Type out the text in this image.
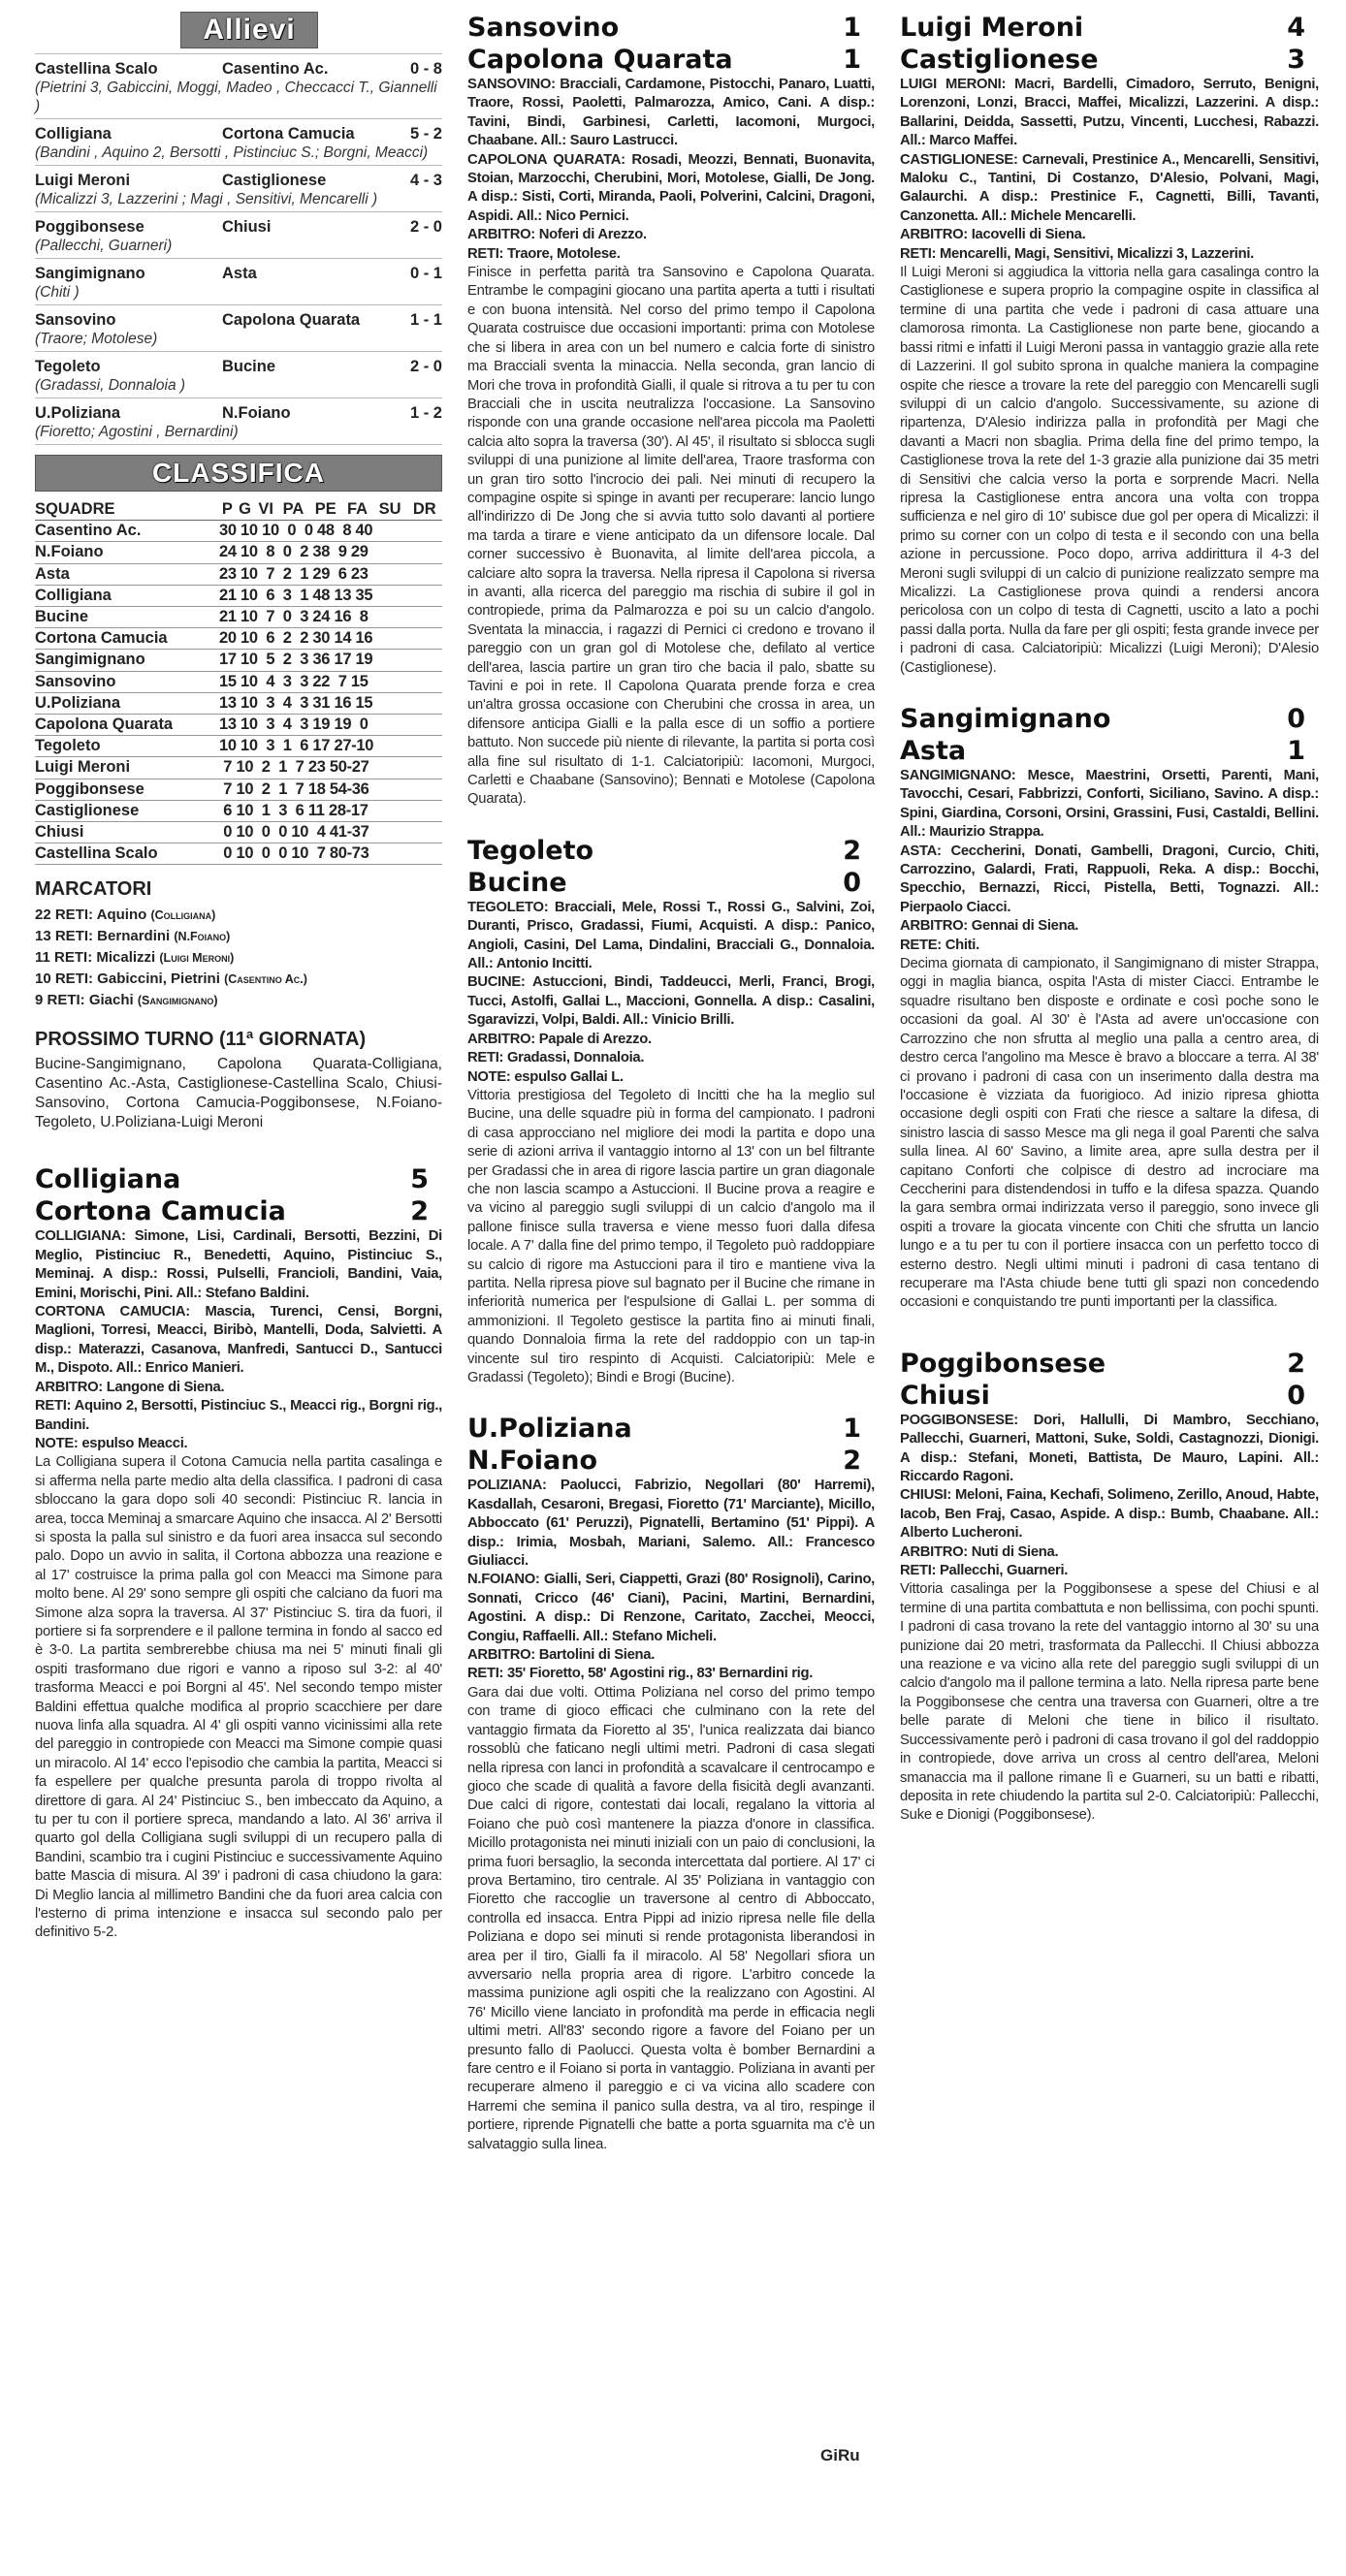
Allievi
Castellina Scalo	Casentino Ac.	0 - 8
(Pietrini 3, Gabiccini, Moggi, Madeo , Checcacci T., Giannelli )
Colligiana	Cortona Camucia	5 - 2
(Bandini , Aquino 2, Bersotti , Pistinciuc S.; Borgni, Meacci)
Luigi Meroni	Castiglionese	4 - 3
(Micalizzi 3, Lazzerini ; Magi , Sensitivi, Mencarelli )
Poggibonsese	Chiusi	2 - 0
(Pallecchi, Guarneri)
Sangimignano	Asta	0 - 1
(Chiti )
Sansovino	Capolona Quarata	1 - 1
(Traore; Motolese)
Tegoleto	Bucine	2 - 0
(Gradassi, Donnaloia )
U.Poliziana	N.Foiano	1 - 2
(Fioretto; Agostini , Bernardini)
CLASSIFICA
SQUADRE	P	G	VI	PA	PE	FA	SU	DR
Casentino Ac.	30 10 10  0  0 48  8 40							
N.Foiano	24 10  8  0  2 38  9 29							
Asta	23 10  7  2  1 29  6 23							
Colligiana	21 10  6  3  1 48 13 35							
Bucine	21 10  7  0  3 24 16  8							
Cortona Camucia	20 10  6  2  2 30 14 16							
Sangimignano	17 10  5  2  3 36 17 19							
Sansovino	15 10  4  3  3 22  7 15							
U.Poliziana	13 10  3  4  3 31 16 15							
Capolona Quarata	13 10  3  4  3 19 19  0							
Tegoleto	10 10  3  1  6 17 27-10							
Luigi Meroni	7 10  2  1  7 23 50-27							
Poggibonsese	7 10  2  1  7 18 54-36							
Castiglionese	6 10  1  3  6 11 28-17							
Chiusi	0 10  0  0 10  4 41-37							
Castellina Scalo	0 10  0  0 10  7 80-73							
MARCATORI
22 RETI: Aquino (Colligiana)
13 RETI: Bernardini (N.Foiano)
11 RETI: Micalizzi (Luigi Meroni)
10 RETI: Gabiccini, Pietrini (Casentino Ac.)
9 RETI: Giachi (Sangimignano)
PROSSIMO TURNO (11ª GIORNATA)
Bucine-Sangimignano, Capolona Quarata-Colligiana, Casentino Ac.-Asta, Castiglionese-Castellina Scalo, Chiusi-Sansovino, Cortona Camucia-Poggibonsese, N.Foiano-Tegoleto, U.Poliziana-Luigi Meroni
Colligiana	5
Cortona Camucia	2
COLLIGIANA: Simone, Lisi, Cardinali, Bersotti, Bezzini, Di Meglio, Pistinciuc R., Benedetti, Aquino, Pistinciuc S., Meminaj. A disp.: Rossi, Pulselli, Francioli, Bandini, Vaia, Emini, Morischi, Pini. All.: Stefano Baldini.
CORTONA CAMUCIA: Mascia, Turenci, Censi, Borgni, Maglioni, Torresi, Meacci, Biribò, Mantelli, Doda, Salvietti. A disp.: Materazzi, Casanova, Manfredi, Santucci D., Santucci M., Dispoto. All.: Enrico Manieri.
ARBITRO: Langone di Siena.
RETI: Aquino 2, Bersotti, Pistinciuc S., Meacci rig., Borgni rig., Bandini.
NOTE: espulso Meacci.
La Colligiana supera il Cotona Camucia nella partita casalinga e si afferma nella parte medio alta della classifica. I padroni di casa sbloccano la gara dopo soli 40 secondi: Pistinciuc R. lancia in area, tocca Meminaj a smarcare Aquino che insacca. Al 2' Bersotti si sposta la palla sul sinistro e da fuori area insacca sul secondo palo. Dopo un avvio in salita, il Cortona abbozza una reazione e al 17' costruisce la prima palla gol con Meacci ma Simone para molto bene. Al 29' sono sempre gli ospiti che calciano da fuori ma Simone alza sopra la traversa. Al 37' Pistinciuc S. tira da fuori, il portiere si fa sorprendere e il pallone termina in fondo al sacco ed è 3-0. La partita sembrerebbe chiusa ma nei 5' minuti finali gli ospiti trasformano due rigori e vanno a riposo sul 3-2: al 40' trasforma Meacci e poi Borgni al 45'. Nel secondo tempo mister Baldini effettua qualche modifica al proprio scacchiere per dare nuova linfa alla squadra. Al 4' gli ospiti vanno vicinissimi alla rete del pareggio in contropiede con Meacci ma Simone compie quasi un miracolo. Al 14' ecco l'episodio che cambia la partita, Meacci si fa espellere per qualche presunta parola di troppo rivolta al direttore di gara. Al 24' Pistinciuc S., ben imbeccato da Aquino, a tu per tu con il portiere spreca, mandando a lato. Al 36' arriva il quarto gol della Colligiana sugli sviluppi di un recupero palla di Bandini, scambio tra i cugini Pistinciuc e successivamente Aquino batte Mascia di misura. Al 39' i padroni di casa chiudono la gara: Di Meglio lancia al millimetro Bandini che da fuori area calcia con l'esterno di prima intenzione e insacca sul secondo palo per definitivo 5-2.
Sansovino	1
Capolona Quarata	1
SANSOVINO: Bracciali, Cardamone, Pistocchi, Panaro, Luatti, Traore, Rossi, Paoletti, Palmarozza, Amico, Cani. A disp.: Tavini, Bindi, Garbinesi, Carletti, Iacomoni, Murgoci, Chaabane. All.: Sauro Lastrucci.
CAPOLONA QUARATA: Rosadi, Meozzi, Bennati, Buonavita, Stoian, Marzocchi, Cherubini, Mori, Motolese, Gialli, De Jong. A disp.: Sisti, Corti, Miranda, Paoli, Polverini, Calcini, Dragoni, Aspidi. All.: Nico Pernici.
ARBITRO: Noferi di Arezzo.
RETI: Traore, Motolese.
Finisce in perfetta parità tra Sansovino e Capolona Quarata. Entrambe le compagini giocano una partita aperta a tutti i risultati e con buona intensità. Nel corso del primo tempo il Capolona Quarata costruisce due occasioni importanti: prima con Motolese che si libera in area con un bel numero e calcia forte di sinistro ma Bracciali sventa la minaccia. Nella seconda, gran lancio di Mori che trova in profondità Gialli, il quale si ritrova a tu per tu con Bracciali che in uscita neutralizza l'occasione. La Sansovino risponde con una grande occasione nell'area piccola ma Paoletti calcia alto sopra la traversa (30'). Al 45', il risultato si sblocca sugli sviluppi di una punizione al limite dell'area, Traore trasforma con un gran tiro sotto l'incrocio dei pali. Nei minuti di recupero la compagine ospite si spinge in avanti per recuperare: lancio lungo all'indirizzo di De Jong che si avvia tutto solo davanti al portiere ma tarda a tirare e viene anticipato da un difensore locale. Dal corner successivo è Buonavita, al limite dell'area piccola, a calciare alto sopra la traversa. Nella ripresa il Capolona si riversa in avanti, alla ricerca del pareggio ma rischia di subire il gol in contropiede, prima da Palmarozza e poi su un calcio d'angolo. Sventata la minaccia, i ragazzi di Pernici ci credono e trovano il pareggio con un gran gol di Motolese che, defilato al vertice dell'area, lascia partire un gran tiro che bacia il palo, sbatte su Tavini e poi in rete. Il Capolona Quarata prende forza e crea un'altra grossa occasione con Cherubini che crossa in area, un difensore anticipa Gialli e la palla esce di un soffio a portiere battuto. Non succede più niente di rilevante, la partita si porta così alla fine sul risultato di 1-1. Calciatoripiù: Iacomoni, Murgoci, Carletti e Chaabane (Sansovino); Bennati e Motolese (Capolona Quarata).
Tegoleto	2
Bucine	0
TEGOLETO: Bracciali, Mele, Rossi T., Rossi G., Salvini, Zoi, Duranti, Prisco, Gradassi, Fiumi, Acquisti. A disp.: Panico, Angioli, Casini, Del Lama, Dindalini, Bracciali G., Donnaloia. All.: Antonio Incitti.
BUCINE: Astuccioni, Bindi, Taddeucci, Merli, Franci, Brogi, Tucci, Astolfi, Gallai L., Maccioni, Gonnella. A disp.: Casalini, Sgaravizzi, Volpi, Baldi. All.: Vinicio Brilli.
ARBITRO: Papale di Arezzo.
RETI: Gradassi, Donnaloia.
NOTE: espulso Gallai L.
Vittoria prestigiosa del Tegoleto di Incitti che ha la meglio sul Bucine, una delle squadre più in forma del campionato. I padroni di casa approcciano nel migliore dei modi la partita e dopo una serie di azioni arriva il vantaggio intorno al 13' con un bel filtrante per Gradassi che in area di rigore lascia partire un gran diagonale che non lascia scampo a Astuccioni. Il Bucine prova a reagire e va vicino al pareggio sugli sviluppi di un calcio d'angolo ma il pallone finisce sulla traversa e viene messo fuori dalla difesa locale. A 7' dalla fine del primo tempo, il Tegoleto può raddoppiare su calcio di rigore ma Astuccioni para il tiro e mantiene viva la partita. Nella ripresa piove sul bagnato per il Bucine che rimane in inferiorità numerica per l'espulsione di Gallai L. per somma di ammonizioni. Il Tegoleto gestisce la partita fino ai minuti finali, quando Donnaloia firma la rete del raddoppio con un tap-in vincente sul tiro respinto di Acquisti. Calciatoripiù: Mele e Gradassi (Tegoleto); Bindi e Brogi (Bucine).
U.Poliziana	1
N.Foiano	2
POLIZIANA: Paolucci, Fabrizio, Negollari (80' Harremi), Kasdallah, Cesaroni, Bregasi, Fioretto (71' Marciante), Micillo, Abboccato (61' Peruzzi), Pignatelli, Bertamino (51' Pippi). A disp.: Irimia, Mosbah, Mariani, Salemo. All.: Francesco Giuliacci.
N.FOIANO: Gialli, Seri, Ciappetti, Grazi (80' Rosignoli), Carino, Sonnati, Cricco (46' Ciani), Pacini, Martini, Bernardini, Agostini. A disp.: Di Renzone, Caritato, Zacchei, Meocci, Congiu, Raffaelli. All.: Stefano Micheli.
ARBITRO: Bartolini di Siena.
RETI: 35' Fioretto, 58' Agostini rig., 83' Bernardini rig.
Gara dai due volti. Ottima Poliziana nel corso del primo tempo con trame di gioco efficaci che culminano con la rete del vantaggio firmata da Fioretto al 35', l'unica realizzata dai bianco rossoblù che faticano negli ultimi metri. Padroni di casa slegati nella ripresa con lanci in profondità a scavalcare il centrocampo e gioco che scade di qualità a favore della fisicità degli avanzanti. Due calci di rigore, contestati dai locali, regalano la vittoria al Foiano che può così mantenere la piazza d'onore in classifica. Micillo protagonista nei minuti iniziali con un paio di conclusioni, la prima fuori bersaglio, la seconda intercettata dal portiere. Al 17' ci prova Bertamino, tiro centrale. Al 35' Poliziana in vantaggio con Fioretto che raccoglie un traversone al centro di Abboccato, controlla ed insacca. Entra Pippi ad inizio ripresa nelle file della Poliziana e dopo sei minuti si rende protagonista liberandosi in area per il tiro, Gialli fa il miracolo. Al 58' Negollari sfiora un avversario nella propria area di rigore. L'arbitro concede la massima punizione agli ospiti che la realizzano con Agostini. Al 76' Micillo viene lanciato in profondità ma perde in efficacia negli ultimi metri. All'83' secondo rigore a favore del Foiano per un presunto fallo di Paolucci. Questa volta è bomber Bernardini a fare centro e il Foiano si porta in vantaggio. Poliziana in avanti per recuperare almeno il pareggio e ci va vicina allo scadere con Harremi che semina il panico sulla destra, va al tiro, respinge il portiere, riprende Pignatelli che batte a porta sguarnita ma c'è un salvataggio sulla linea.
Luigi Meroni	4
Castiglionese	3
LUIGI MERONI: Macri, Bardelli, Cimadoro, Serruto, Benigni, Lorenzoni, Lonzi, Bracci, Maffei, Micalizzi, Lazzerini. A disp.: Ballarini, Deidda, Sassetti, Putzu, Vincenti, Lucchesi, Rabazzi. All.: Marco Maffei.
CASTIGLIONESE: Carnevali, Prestinice A., Mencarelli, Sensitivi, Maloku C., Tantini, Di Costanzo, D'Alesio, Polvani, Magi, Galaurchi. A disp.: Prestinice F., Cagnetti, Billi, Tavanti, Canzonetta. All.: Michele Mencarelli.
ARBITRO: Iacovelli di Siena.
RETI: Mencarelli, Magi, Sensitivi, Micalizzi 3, Lazzerini.
Il Luigi Meroni si aggiudica la vittoria nella gara casalinga contro la Castiglionese e supera proprio la compagine ospite in classifica al termine di una partita che vede i padroni di casa attuare una clamorosa rimonta. La Castiglionese non parte bene, giocando a bassi ritmi e infatti il Luigi Meroni passa in vantaggio grazie alla rete di Lazzerini. Il gol subito sprona in qualche maniera la compagine ospite che riesce a trovare la rete del pareggio con Mencarelli sugli sviluppi di un calcio d'angolo. Successivamente, su azione di ripartenza, D'Alesio indirizza palla in profondità per Magi che davanti a Macri non sbaglia. Prima della fine del primo tempo, la Castiglionese trova la rete del 1-3 grazie alla punizione dai 35 metri di Sensitivi che calcia verso la porta e sorprende Macri. Nella ripresa la Castiglionese entra ancora una volta con troppa sufficienza e nel giro di 10' subisce due gol per opera di Micalizzi: il primo su corner con un colpo di testa e il secondo con una bella azione in percussione. Poco dopo, arriva addirittura il 4-3 del Meroni sugli sviluppi di un calcio di punizione realizzato sempre ma Micalizzi. La Castiglionese prova quindi a rendersi ancora pericolosa con un colpo di testa di Cagnetti, uscito a lato a pochi passi dalla porta. Nulla da fare per gli ospiti; festa grande invece per i padroni di casa. Calciatoripiù: Micalizzi (Luigi Meroni); D'Alesio (Castiglionese).
Sangimignano	0
Asta	1
SANGIMIGNANO: Mesce, Maestrini, Orsetti, Parenti, Mani, Tavocchi, Cesari, Fabbrizzi, Conforti, Siciliano, Savino. A disp.: Spini, Giardina, Corsoni, Orsini, Grassini, Fusi, Castaldi, Bellini. All.: Maurizio Strappa.
ASTA: Ceccherini, Donati, Gambelli, Dragoni, Curcio, Chiti, Carrozzino, Galardi, Frati, Rappuoli, Reka. A disp.: Bocchi, Specchio, Bernazzi, Ricci, Pistella, Betti, Tognazzi. All.: Pierpaolo Ciacci.
ARBITRO: Gennai di Siena.
RETE: Chiti.
Decima giornata di campionato, il Sangimignano di mister Strappa, oggi in maglia bianca, ospita l'Asta di mister Ciacci. Entrambe le squadre risultano ben disposte e ordinate e così poche sono le occasioni da goal. Al 30' è l'Asta ad avere un'occasione con Carrozzino che non sfrutta al meglio una palla a centro area, di destro cerca l'angolino ma Mesce è bravo a bloccare a terra. Al 38' ci provano i padroni di casa con un inserimento dalla destra ma l'occasione è vizziata da fuorigioco. Ad inizio ripresa ghiotta occasione degli ospiti con Frati che riesce a saltare la difesa, di sinistro lascia di sasso Mesce ma gli nega il goal Parenti che salva sulla linea. Al 60' Savino, a limite area, apre sulla destra per il capitano Conforti che colpisce di destro ad incrociare ma Ceccherini para distendendosi in tuffo e la difesa spazza. Quando la gara sembra ormai indirizzata verso il pareggio, sono invece gli ospiti a trovare la giocata vincente con Chiti che sfrutta un lancio lungo e a tu per tu con il portiere insacca con un perfetto tocco di esterno destro. Negli ultimi minuti i padroni di casa tentano di recuperare ma l'Asta chiude bene tutti gli spazi non concedendo occasioni e conquistando tre punti importanti per la classifica.
Poggibonsese	2
Chiusi	0
POGGIBONSESE: Dori, Hallulli, Di Mambro, Secchiano, Pallecchi, Guarneri, Mattoni, Suke, Soldi, Castagnozzi, Dionigi. A disp.: Stefani, Moneti, Battista, De Mauro, Lapini. All.: Riccardo Ragoni.
CHIUSI: Meloni, Faina, Kechafi, Solimeno, Zerillo, Anoud, Habte, Iacob, Ben Fraj, Casao, Aspide. A disp.: Bumb, Chaabane. All.: Alberto Lucheroni.
ARBITRO: Nuti di Siena.
RETI: Pallecchi, Guarneri.
Vittoria casalinga per la Poggibonsese a spese del Chiusi e al termine di una partita combattuta e non bellissima, con pochi spunti. I padroni di casa trovano la rete del vantaggio intorno al 30' su una punizione dai 20 metri, trasformata da Pallecchi. Il Chiusi abbozza una reazione e va vicino alla rete del pareggio sugli sviluppi di un calcio d'angolo ma il pallone termina a lato. Nella ripresa parte bene la Poggibonsese che centra una traversa con Guarneri, oltre a tre belle parate di Meloni che tiene in bilico il risultato. Successivamente però i padroni di casa trovano il gol del raddoppio in contropiede, dove arriva un cross al centro dell'area, Meloni smanaccia ma il pallone rimane lì e Guarneri, su un batti e ribatti, deposita in rete chiudendo la partita sul 2-0. Calciatoripiù: Pallecchi, Suke e Dionigi (Poggibonsese).
GiRu
